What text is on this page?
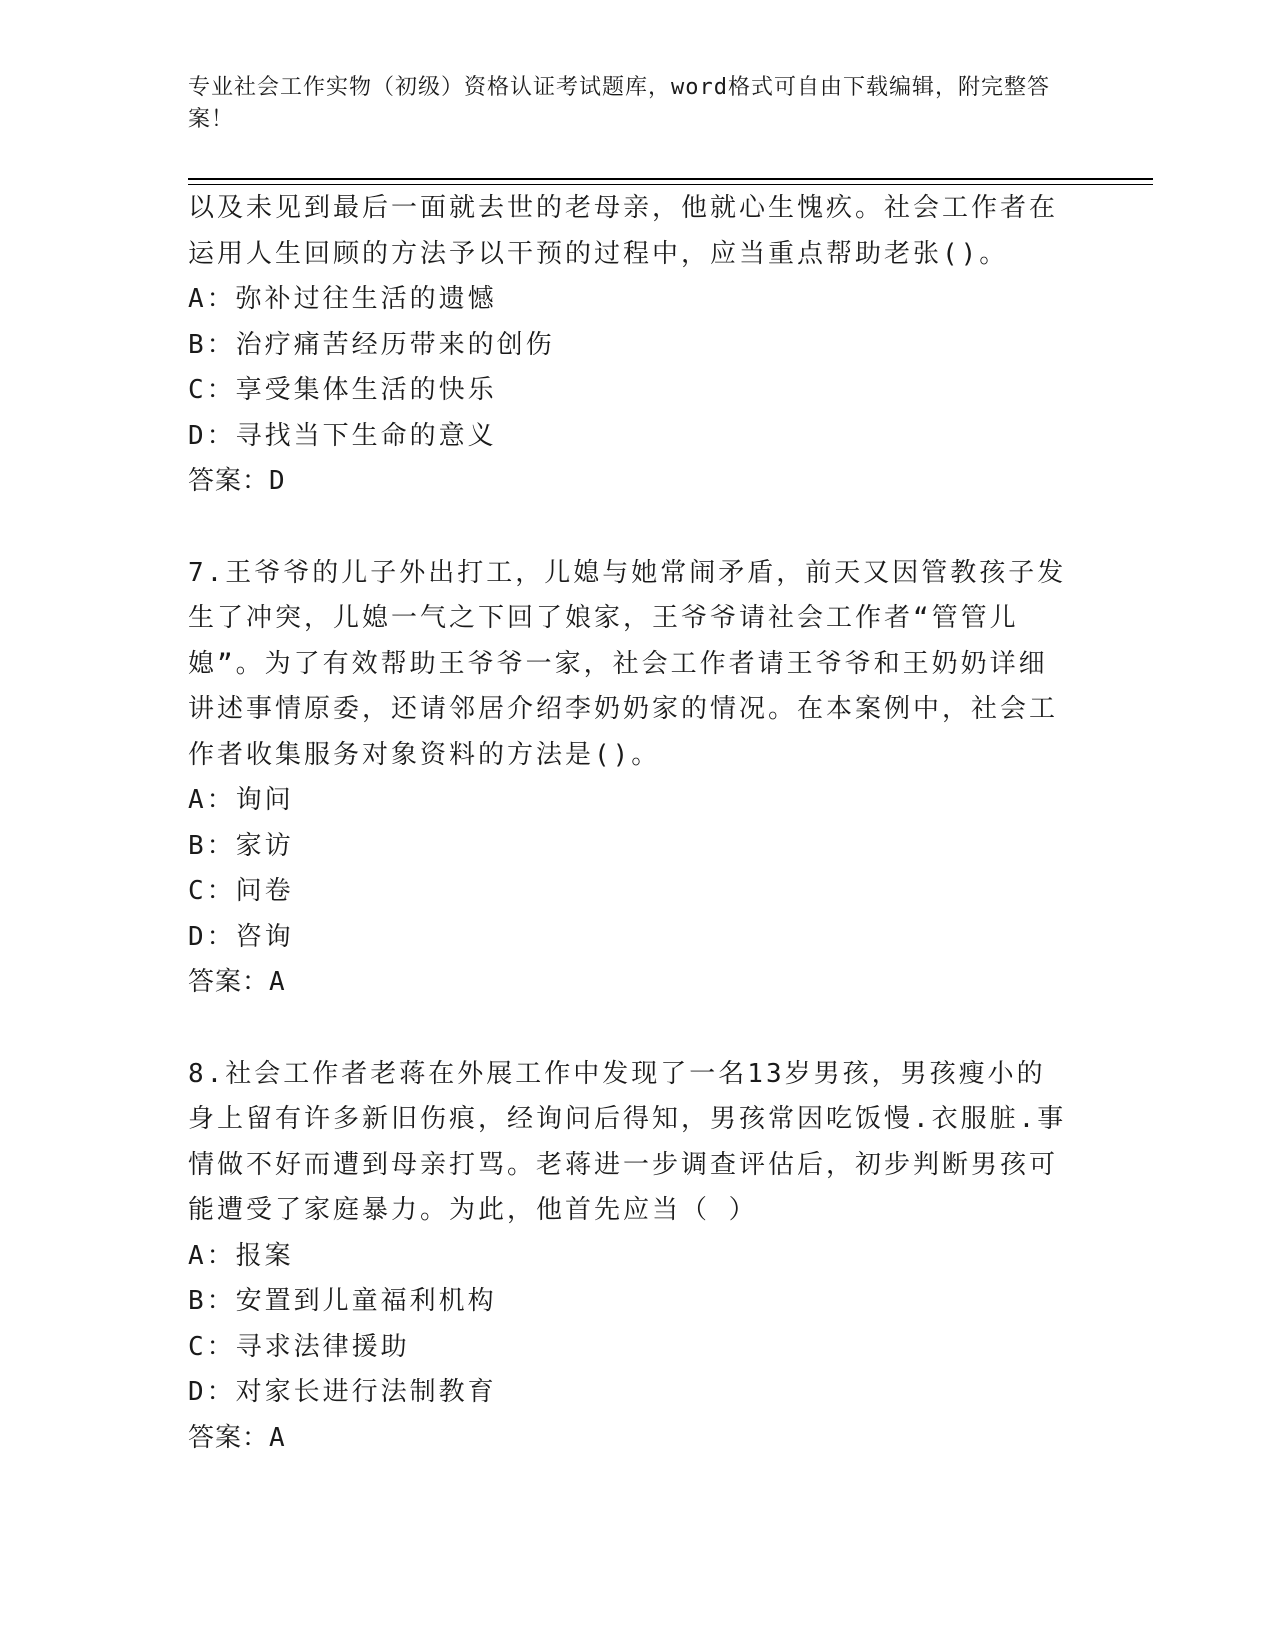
专业社会工作实物（初级）资格认证考试题库，word格式可自由下载编辑，附完整答案！

以及未见到最后一面就去世的老母亲，他就心生愧疚。社会工作者在运用人生回顾的方法予以干预的过程中，应当重点帮助老张()。

A：弥补过往生活的遗憾

B：治疗痛苦经历带来的创伤

C：享受集体生活的快乐

D：寻找当下生命的意义

答案：D

7.王爷爷的儿子外出打工，儿媳与她常闹矛盾，前天又因管教孩子发生了冲突，儿媳一气之下回了娘家，王爷爷请社会工作者“管管儿媳”。为了有效帮助王爷爷一家，社会工作者请王爷爷和王奶奶详细讲述事情原委，还请邻居介绍李奶奶家的情况。在本案例中，社会工作者收集服务对象资料的方法是()。

A：询问

B：家访

C：问卷

D：咨询

答案：A

8.社会工作者老蒋在外展工作中发现了一名13岁男孩，男孩瘦小的身上留有许多新旧伤痕，经询问后得知，男孩常因吃饭慢.衣服脏.事情做不好而遭到母亲打骂。老蒋进一步调查评估后，初步判断男孩可能遭受了家庭暴力。为此，他首先应当（ ）

A：报案

B：安置到儿童福利机构

C：寻求法律援助

D：对家长进行法制教育

答案：A
